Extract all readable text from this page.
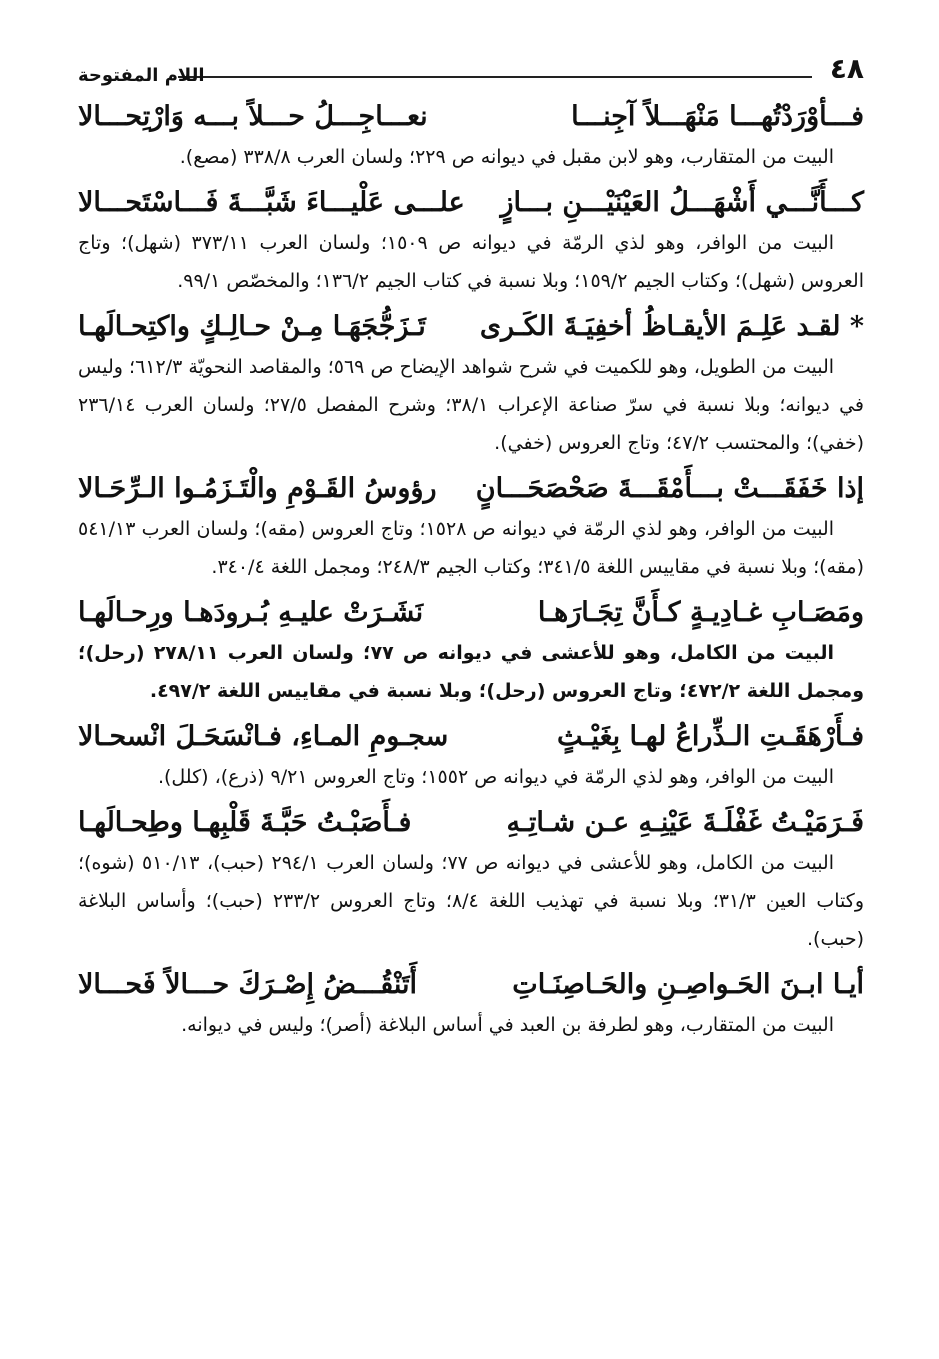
٤٨
اللام المفتوحة
فـــأوْرَدْتُهـــا مَنْهَـــلاً آجِنـــا
نعـــاجِـــلُ حـــلاً بـــه وَارْتِحـــالا

البيت من المتقارب، وهو لابن مقبل في ديوانه ص ٢٢٩؛ ولسان العرب ٣٣٨/٨ (مصع).

كـــأَنَّـــي أَشْهَـــلُ العَيْنَيْـــنِ بـــازٍ
علـــى عَلْيـــاءَ شَبَّـــةَ فَـــاسْتَحـــالا

البيت من الوافر، وهو لذي الرمّة في ديوانه ص ١٥٠٩؛ ولسان العرب ٣٧٣/١١ (شهل)؛ وتاج العروس (شهل)؛ وكتاب الجيم ١٥٩/٢؛ وبلا نسبة في كتاب الجيم ١٣٦/٢؛ والمخصّص ٩٩/١.

* لقـد عَلِـمَ الأيقـاظُ أخفِيَـةَ الكَـرى
تَـزَجُّجَهَـا مِـنْ حـالِـكٍ واكتِحـالَهـا

البيت من الطويل، وهو للكميت في شرح شواهد الإيضاح ص ٥٦٩؛ والمقاصد النحويّة ٦١٢/٣؛ وليس في ديوانه؛ وبلا نسبة في سرّ صناعة الإعراب ٣٨/١؛ وشرح المفصل ٢٧/٥؛ ولسان العرب ٢٣٦/١٤ (خفي)؛ والمحتسب ٤٧/٢؛ وتاج العروس (خفي).

إذا خَفَقَـــتْ بـــأَمْقَـــةَ صَحْصَحَـــانٍ
رؤوسُ القَـوْمِ والْتَـزَمُـوا الـرِّحَـالا

البيت من الوافر، وهو لذي الرمّة في ديوانه ص ١٥٢٨؛ وتاج العروس (مقه)؛ ولسان العرب ٥٤١/١٣ (مقه)؛ وبلا نسبة في مقاييس اللغة ٣٤١/٥؛ وكتاب الجيم ٢٤٨/٣؛ ومجمل اللغة ٣٤٠/٤.

ومَصَـابِ غـادِيـةٍ كـأَنَّ تِجَـارَهـا
نَشَـرَتْ عليـهِ بُـرودَهـا ورِحـالَهـا

البيت من الكامل، وهو للأعشى في ديوانه ص ٧٧؛ ولسان العرب ٢٧٨/١١ (رحل)؛ ومجمل اللغة ٤٧٢/٢؛ وتاج العروس (رحل)؛ وبلا نسبة في مقاييس اللغة ٤٩٧/٢.

فـأَرْهَقَـتِ الـذِّراعُ لهـا بِغَيْـثٍ
سجـومِ المـاءِ، فـانْسَحَـلَ انْسحـالا

البيت من الوافر، وهو لذي الرمّة في ديوانه ص ١٥٥٢؛ وتاج العروس ٩/٢١ (ذرع)، (كلل).

فَـرَمَيْـتُ غَفْلَـةَ عَيْنِـهِ عـن شـاتِـهِ
فـأَصَبْـتُ حَبَّـةَ قَلْبِهـا وطِحـالَهـا

البيت من الكامل، وهو للأعشى في ديوانه ص ٧٧؛ ولسان العرب ٢٩٤/١ (حبب)، ٥١٠/١٣ (شوه)؛ وكتاب العين ٣١/٣؛ وبلا نسبة في تهذيب اللغة ٨/٤؛ وتاج العروس ٢٣٣/٢ (حبب)؛ وأساس البلاغة (حبب).

أيـا ابـنَ الحَـواصِـنِ والحَـاصِنَـاتِ
أَتَنْقُـــضُ إِصْـرَكَ حـــالاً فَحـــالا

البيت من المتقارب، وهو لطرفة بن العبد في أساس البلاغة (أصر)؛ وليس في ديوانه.
